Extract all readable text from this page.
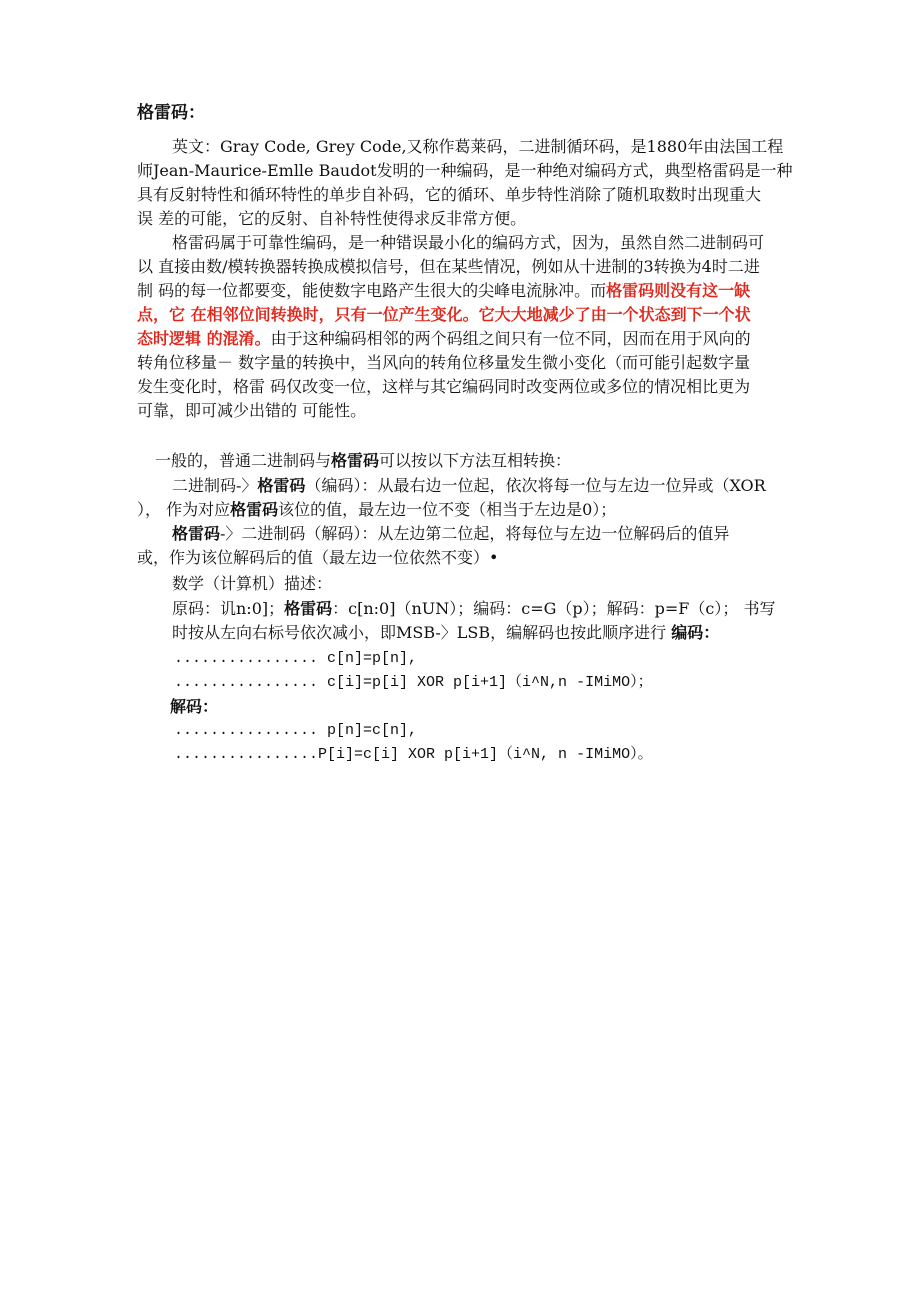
格雷码：
英文：Gray Code, Grey Code,又称作葛莱码，二进制循环码，是1880年由法国工程
师Jean-Maurice-Emlle Baudot发明的一种编码，是一种绝对编码方式，典型格雷码是一种
具有反射特性和循环特性的单步自补码，它的循环、单步特性消除了随机取数时出现重大
误 差的可能，它的反射、自补特性使得求反非常方便。
格雷码属于可靠性编码，是一种错误最小化的编码方式，因为，虽然自然二进制码可
以 直接由数/模转换器转换成模拟信号，但在某些情况，例如从十进制的3转换为4时二进
制 码的每一位都要变，能使数字电路产生很大的尖峰电流脉冲。而格雷码则没有这一缺
点，它 在相邻位间转换时，只有一位产生变化。它大大地减少了由一个状态到下一个状
态时逻辑 的混淆。由于这种编码相邻的两个码组之间只有一位不同，因而在用于风向的
转角位移量－ 数字量的转换中，当风向的转角位移量发生微小变化（而可能引起数字量
发生变化时，格雷 码仅改变一位，这样与其它编码同时改变两位或多位的情况相比更为
可靠，即可减少出错的 可能性。
一般的，普通二进制码与格雷码可以按以下方法互相转换：
二进制码-〉格雷码（编码）：从最右边一位起，依次将每一位与左边一位异或（XOR
）， 作为对应格雷码该位的值，最左边一位不变（相当于左边是0）；
格雷码-〉二进制码（解码）：从左边第二位起，将每位与左边一位解码后的值异
或，作为该位解码后的值（最左边一位依然不变）•
数学（计算机）描述：
原码：讥n:0]；格雷码：c[n:0]（nUN）；编码：c=G（p）；解码：p=F（c）； 书写
时按从左向右标号依次减小，即MSB-〉LSB，编解码也按此顺序进行 编码：
................ c[n]=p[n],
................ c[i]=p[i] XOR p[i+1]（i^N,n -IMiMO）；
解码：
................ p[n]=c[n],
................P[i]=c[i] XOR p[i+1]（i^N, n -IMiMO）。
